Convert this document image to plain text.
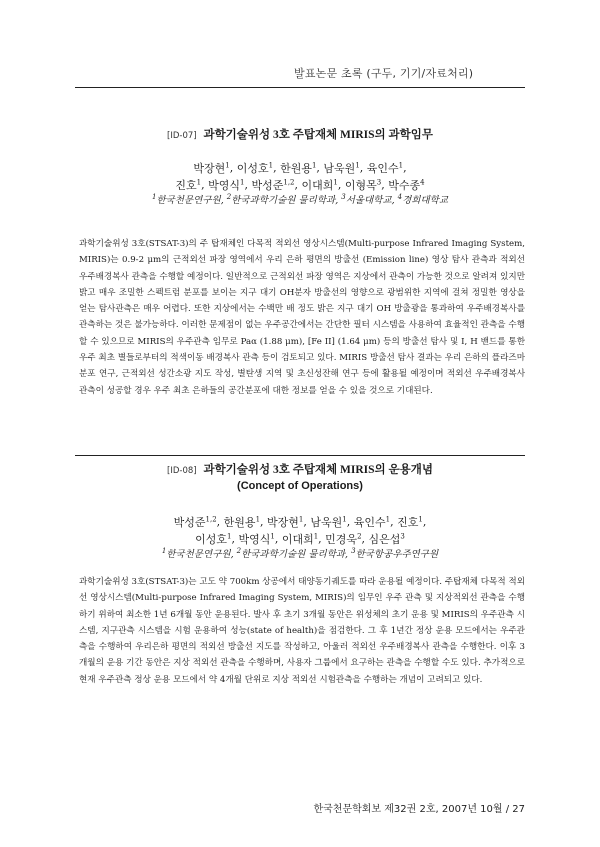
발표논문 초록 (구두, 기기/자료처리)
[ID-07] 과학기술위성 3호 주탑재체 MIRIS의 과학임무
박장현$^1$, 이성호$^1$, 한원용$^1$, 남욱원$^1$, 육인수$^1$,
진호$^1$, 박영식$^1$, 박성준$^{1,2}$, 이대희$^1$, 이형목$^3$, 박수종$^4$
$^1$한국천문연구원, $^2$한국과학기술원 물리학과, $^3$서울대학교, $^4$경희대학교

과학기술위성 3호(STSAT-3)의 주 탑재체인 다목적 적외선 영상시스템(Multi-purpose Infrared Imaging System, MIRIS)는 0.9-2 μm의 근적외선 파장 영역에서 우리 은하 평면의 방출선 (Emission line) 영상 탐사 관측과 적외선 우주배경복사 관측을 수행할 예정이다. 일반적으로 근적외선 파장 영역은 지상에서 관측이 가능한 것으로 알려져 있지만 밝고 매우 조밀한 스펙트럼 분포를 보이는 지구 대기 OH분자 방출선의 영향으로 광범위한 지역에 걸쳐 정밀한 영상을 얻는 탐사관측은 매우 어렵다. 또한 지상에서는 수백만 배 정도 밝은 지구 대기 OH 방출광을 통과하여 우주배경복사를 관측하는 것은 불가능하다. 이러한 문제점이 없는 우주공간에서는 간단한 필터 시스템을 사용하여 효율적인 관측을 수행할 수 있으므로 MIRIS의 우주관측 임무로 Paα (1.88 μm), [Fe II] (1.64 μm) 등의 방출선 탐사 및 I, H 밴드를 통한 우주 최초 별들로부터의 적색이동 배경복사 관측 등이 검토되고 있다. MIRIS 방출선 탐사 결과는 우리 은하의 플라즈마 분포 연구, 근적외선 성간소광 지도 작성, 별탄생 지역 및 초신성잔해 연구 등에 활용될 예정이며 적외선 우주배경복사 관측이 성공할 경우 우주 최초 은하들의 공간분포에 대한 정보를 얻을 수 있을 것으로 기대된다.

[ID-08] 과학기술위성 3호 주탑재체 MIRIS의 운용개념
(Concept of Operations)
박성준$^{1,2}$, 한원용$^1$, 박장현$^1$, 남욱원$^1$, 육인수$^1$, 진호$^1$,
이성호$^1$, 박영식$^1$, 이대희$^1$, 민경욱$^2$, 심은섭$^3$
$^1$한국천문연구원, $^2$한국과학기술원 물리학과, $^3$한국항공우주연구원

과학기술위성 3호(STSAT-3)는 고도 약 700km 상공에서 태양동기궤도를 따라 운용될 예정이다. 주탑재체 다목적 적외선 영상시스템(Multi-purpose Infrared Imaging System, MIRIS)의 임무인 우주 관측 및 지상적외선 관측을 수행하기 위하여 최소한 1년 6개월 동안 운용된다. 발사 후 초기 3개월 동안은 위성체의 초기 운용 및 MIRIS의 우주관측 시스템, 지구관측 시스템을 시험 운용하여 성능(state of health)을 점검한다. 그 후 1년간 정상 운용 모드에서는 우주관측을 수행하여 우리은하 평면의 적외선 방출선 지도를 작성하고, 아울러 적외선 우주배경복사 관측을 수행한다. 이후 3개월의 운용 기간 동안은 지상 적외선 관측을 수행하며, 사용자 그룹에서 요구하는 관측을 수행할 수도 있다. 추가적으로 현재 우주관측 정상 운용 모드에서 약 4개월 단위로 지상 적외선 시험관측을 수행하는 개념이 고려되고 있다.

한국천문학회보 제32권 2호, 2007년 10월 / 27
